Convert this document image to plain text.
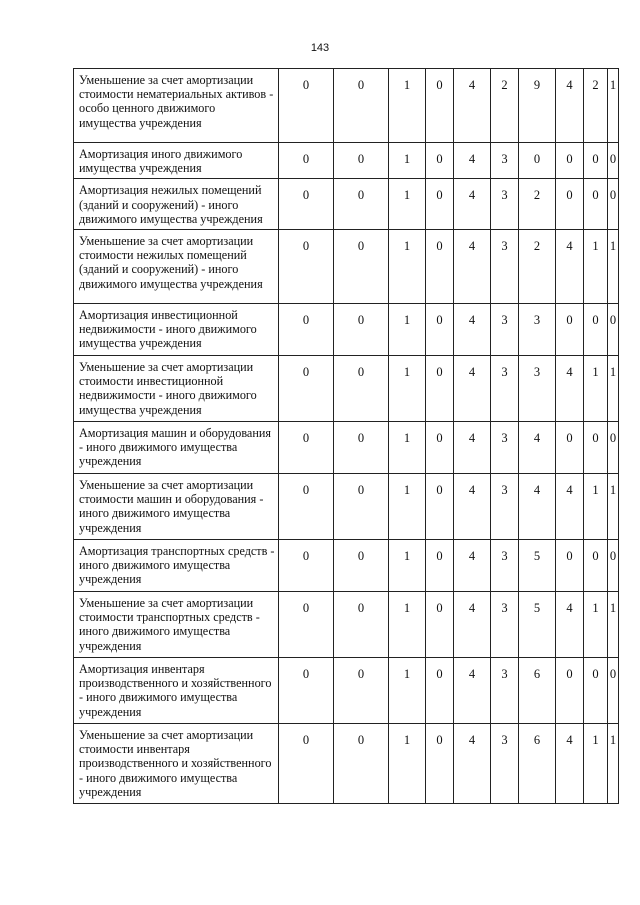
143
Уменьшение за счет амортизации стоимости нематериальных активов - особо ценного движимого имущества учреждения	0	0	1	0	4	2	9	4	2	1
Амортизация иного движимого имущества учреждения	0	0	1	0	4	3	0	0	0	0
Амортизация нежилых помещений (зданий и сооружений) - иного движимого имущества учреждения	0	0	1	0	4	3	2	0	0	0
Уменьшение за счет амортизации стоимости нежилых помещений (зданий и сооружений) - иного движимого имущества учреждения	0	0	1	0	4	3	2	4	1	1
Амортизация инвестиционной недвижимости - иного движимого имущества учреждения	0	0	1	0	4	3	3	0	0	0
Уменьшение за счет амортизации стоимости инвестиционной недвижимости - иного движимого имущества учреждения	0	0	1	0	4	3	3	4	1	1
Амортизация машин и оборудования - иного движимого имущества учреждения	0	0	1	0	4	3	4	0	0	0
Уменьшение за счет амортизации стоимости машин и оборудования - иного движимого имущества учреждения	0	0	1	0	4	3	4	4	1	1
Амортизация транспортных средств - иного движимого имущества учреждения	0	0	1	0	4	3	5	0	0	0
Уменьшение за счет амортизации стоимости транспортных средств - иного движимого имущества учреждения	0	0	1	0	4	3	5	4	1	1
Амортизация инвентаря производственного и хозяйственного - иного движимого имущества учреждения	0	0	1	0	4	3	6	0	0	0
Уменьшение за счет амортизации стоимости инвентаря производственного и хозяйственного - иного движимого имущества учреждения	0	0	1	0	4	3	6	4	1	1
